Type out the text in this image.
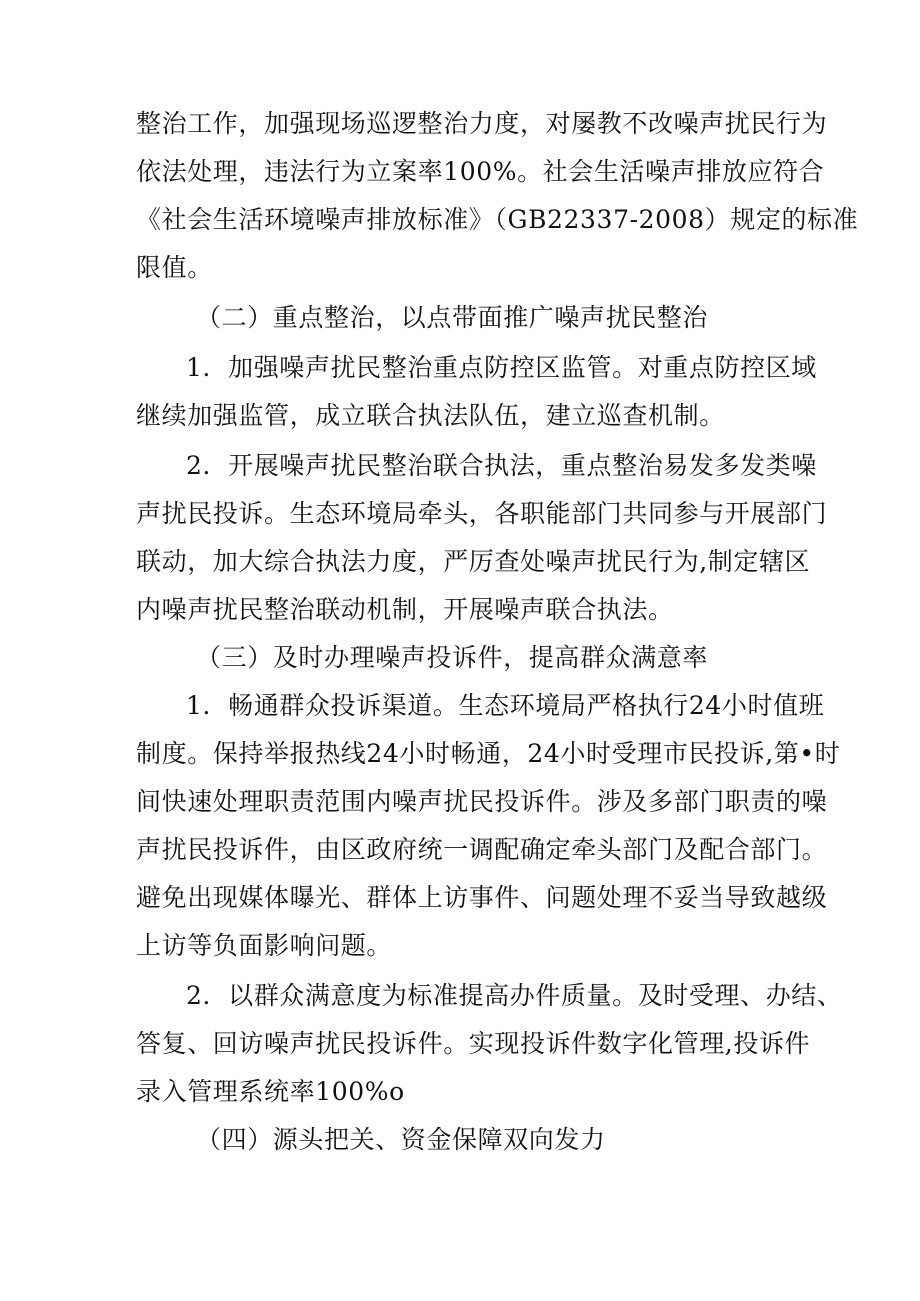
整治工作，加强现场巡逻整治力度，对屡教不改噪声扰民行为
依法处理，违法行为立案率100%。社会生活噪声排放应符合
《社会生活环境噪声排放标准》（GB22337-2008）规定的标准
限值。
（二）重点整治，以点带面推广噪声扰民整治
1．加强噪声扰民整治重点防控区监管。对重点防控区域
继续加强监管，成立联合执法队伍，建立巡查机制。
2．开展噪声扰民整治联合执法，重点整治易发多发类噪
声扰民投诉。生态环境局牵头，各职能部门共同参与开展部门
联动，加大综合执法力度，严厉查处噪声扰民行为,制定辖区
内噪声扰民整治联动机制，开展噪声联合执法。
（三）及时办理噪声投诉件，提高群众满意率
1．畅通群众投诉渠道。生态环境局严格执行24小时值班
制度。保持举报热线24小时畅通，24小时受理市民投诉,第•时
间快速处理职责范围内噪声扰民投诉件。涉及多部门职责的噪
声扰民投诉件，由区政府统一调配确定牵头部门及配合部门。
避免出现媒体曝光、群体上访事件、问题处理不妥当导致越级
上访等负面影响问题。
2．以群众满意度为标准提高办件质量。及时受理、办结、
答复、回访噪声扰民投诉件。实现投诉件数字化管理,投诉件
录入管理系统率100%o
（四）源头把关、资金保障双向发力
